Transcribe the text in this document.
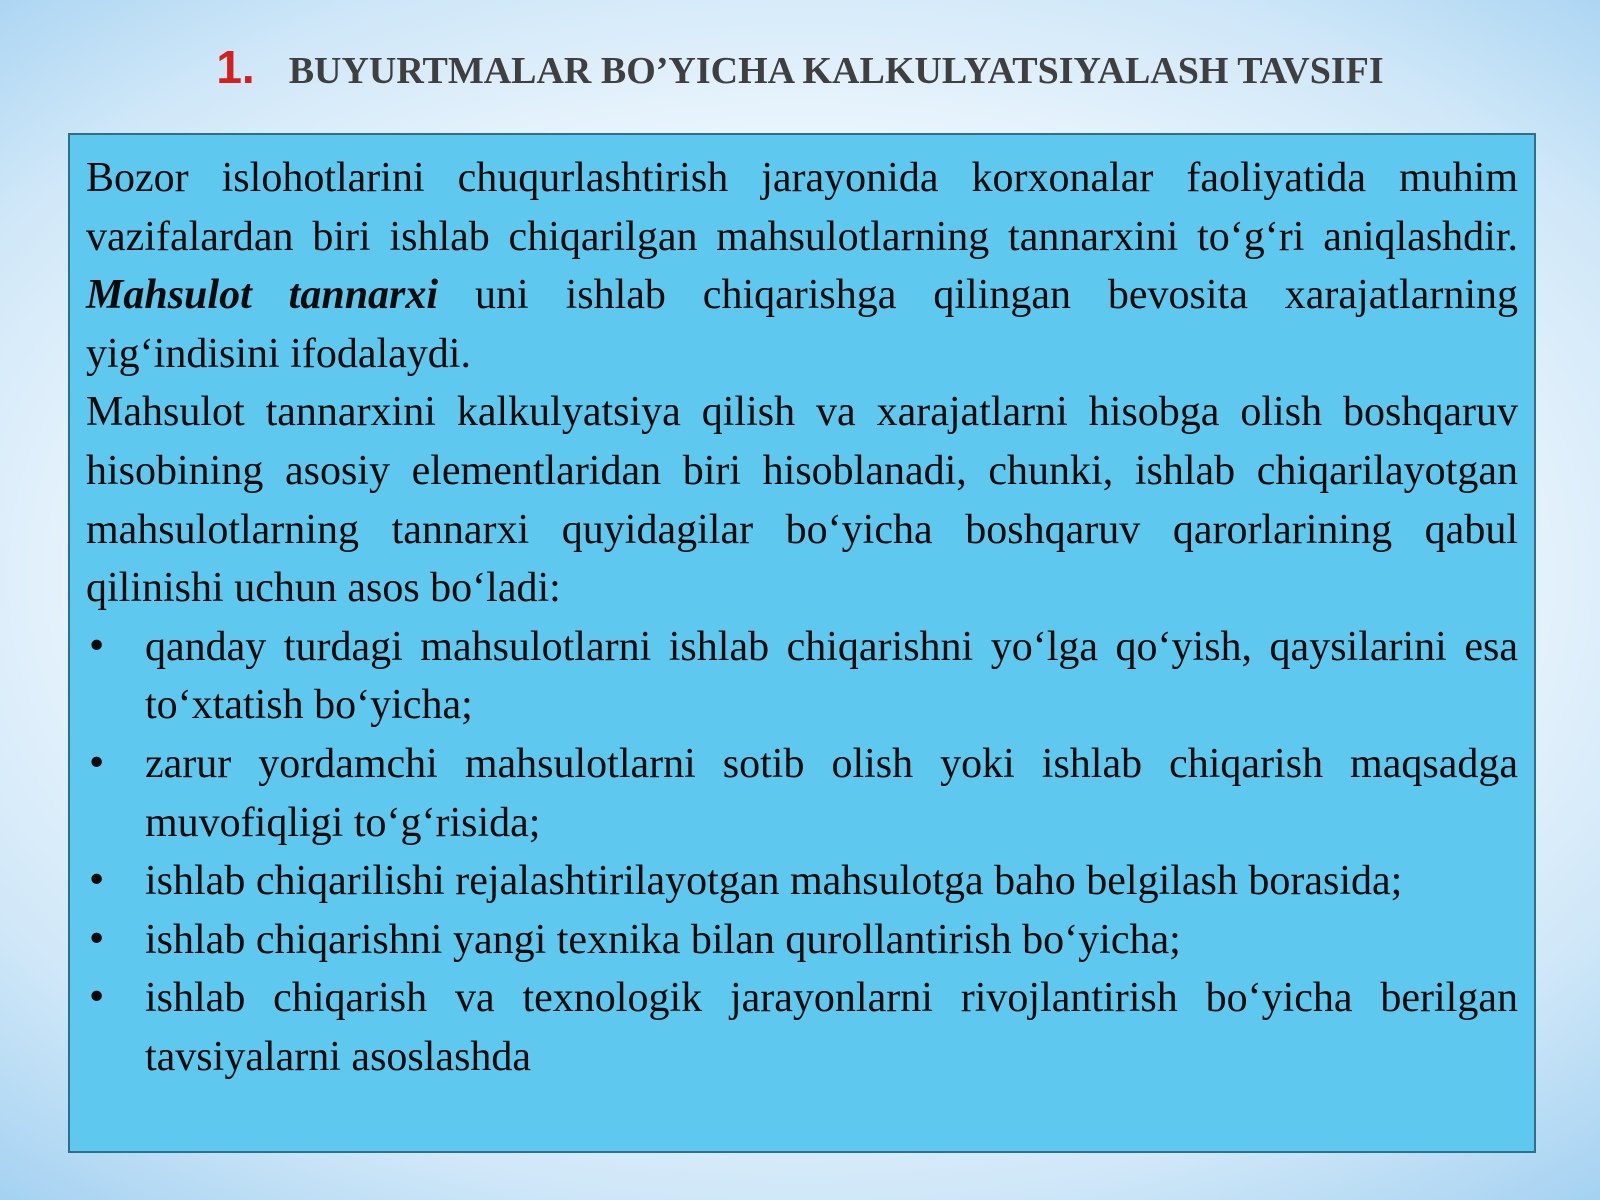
1. BUYURTMALAR BO’YICHA KALKULYATSIYALASH TAVSIFI

Bozor islohotlarini chuqurlashtirish jarayonida korxonalar faoliyatida muhim vazifalardan biri ishlab chiqarilgan mahsulotlarning tannarxini to‘g‘ri aniqlashdir. Mahsulot tannarxi uni ishlab chiqarishga qilingan bevosita xarajatlarning yig‘indisini ifodalaydi.

Mahsulot tannarxini kalkulyatsiya qilish va xarajatlarni hisobga olish boshqaruv hisobining asosiy elementlaridan biri hisoblanadi, chunki, ishlab chiqarilayotgan mahsulotlarning tannarxi quyidagilar bo‘yicha boshqaruv qarorlarining qabul qilinishi uchun asos bo‘ladi:

• qanday turdagi mahsulotlarni ishlab chiqarishni yo‘lga qo‘yish, qaysilarini esa to‘xtatish bo‘yicha;
• zarur yordamchi mahsulotlarni sotib olish yoki ishlab chiqarish maqsadga muvofiqligi to‘g‘risida;
• ishlab chiqarilishi rejalashtirilayotgan mahsulotga baho belgilash borasida;
• ishlab chiqarishni yangi texnika bilan qurollantirish bo‘yicha;
• ishlab chiqarish va texnologik jarayonlarni rivojlantirish bo‘yicha berilgan tavsiyalarni asoslashda
